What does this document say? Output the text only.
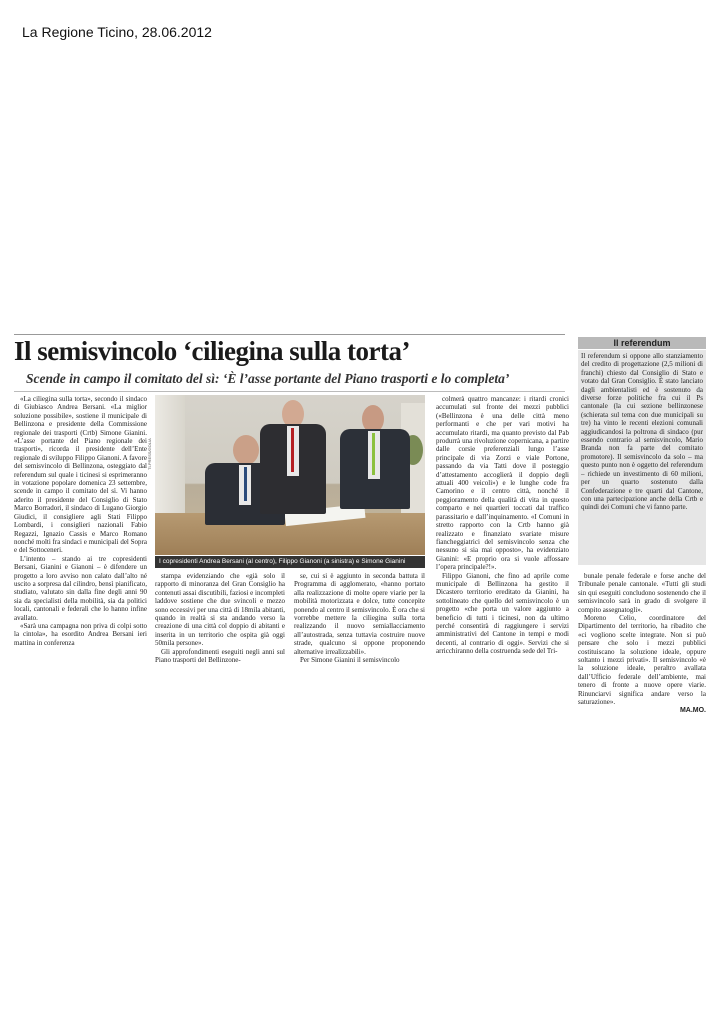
La Regione Ticino, 28.06.2012
Il semisvincolo ‘ciliegina sulla torta’
Scende in campo il comitato del sì: ‘È l’asse portante del Piano trasporti e lo completa’

«La ciliegina sulla torta», secondo il sindaco di Giubiasco Andrea Bersani. «La miglior soluzione possibile», sostiene il municipale di Bellinzona e presidente della Commissione regionale dei trasporti (Crtb) Simone Gianini. «L’asse portante del Piano regionale dei trasporti», ricorda il presidente dell’Ente regionale di sviluppo Filippo Gianoni. A favore del semisvincolo di Bellinzona, osteggiato dal referendum sul quale i ticinesi si esprimeranno in votazione popolare domenica 23 settembre, scende in campo il comitato del sì. Vi hanno aderito il presidente del Consiglio di Stato Marco Borradori, il sindaco di Lugano Giorgio Giudici, il consigliere agli Stati Filippo Lombardi, i consiglieri nazionali Fabio Regazzi, Ignazio Cassis e Marco Romano nonché molti fra sindaci e municipali del Sopra e del Sottoceneri.

L’intento – stando ai tre copresidenti Bersani, Gianini e Gianoni – è difendere un progetto a loro avviso non calato dall’alto né uscito a sorpresa dal cilindro, bensì pianificato, studiato, valutato sin dalla fine degli anni 90 sia da specialisti della mobilità, sia da politici locali, cantonali e federali che lo hanno infine avallato.

«Sarà una campagna non priva di colpi sotto la cintola», ha esordito Andrea Bersani ieri mattina in conferenza

TI-PRESS/GOLIA
I copresidenti Andrea Bersani (al centro), Filippo Gianoni (a sinistra) e Simone Gianini

stampa evidenziando che «già solo il rapporto di minoranza del Gran Consiglio ha contenuti assai discutibili, faziosi e incompleti laddove sostiene che due svincoli e mezzo sono eccessivi per una città di 18mila abitanti, quando in realtà si sta andando verso la creazione di una città col doppio di abitanti e inserita in un territorio che ospita già oggi 50mila persone».

Gli approfondimenti eseguiti negli anni sul Piano trasporti del Bellinzone-

se, cui si è aggiunto in seconda battuta il Programma di agglomerato, «hanno portato alla realizzazione di molte opere viarie per la mobilità motorizzata e dolce, tutte concepite ponendo al centro il semisvincolo. È ora che si vorrebbe mettere la ciliegina sulla torta realizzando il nuovo semiallacciamento all’autostrada, senza tuttavia costruire nuove strade, qualcuno si oppone proponendo alternative irrealizzabili».

Per Simone Gianini il semisvincolo

colmerà quattro mancanze: i ritardi cronici accumulati sul fronte dei mezzi pubblici («Bellinzona è una delle città meno performanti e che per vari motivi ha accumulato ritardi, ma quanto previsto dal Pab produrrà una rivoluzione copernicana, a partire dalle corsie preferenziali lungo l’asse principale di via Zorzi e viale Portone, passando da via Tatti dove il posteggio d’attestamento accoglierà il doppio degli attuali 400 veicoli») e le lunghe code fra Camorino e il centro città, nonché il peggioramento della qualità di vita in questo comparto e nei quartieri toccati dal traffico parassitario e dall’inquinamento. «I Comuni in stretto rapporto con la Crtb hanno già realizzato e finanziato svariate misure fiancheggiatrici del semisvincolo senza che nessuno si sia mai opposto», ha evidenziato Gianini: «E proprio ora si vuole affossare l’opera principale?!».

Filippo Gianoni, che fino ad aprile come municipale di Bellinzona ha gestito il Dicastero territorio ereditato da Gianini, ha sottolineato che quello del semisvincolo è un progetto «che porta un valore aggiunto a beneficio di tutti i ticinesi, non da ultimo perché consentirà di raggiungere i servizi amministrativi del Cantone in tempi e modi decenti, al contrario di oggi». Servizi che si arricchiranno della costruenda sede del Tri-

Il referendum

Il referendum si oppone allo stanziamento del credito di progettazione (2,5 milioni di franchi) chiesto dal Consiglio di Stato e votato dal Gran Consiglio. È stato lanciato dagli ambientalisti ed è sostenuto da diverse forze politiche fra cui il Ps cantonale (la cui sezione bellinzonese (schierata sul tema con due municipali su tre) ha vinto le recenti elezioni comunali aggiudicandosi la poltrona di sindaco (pur essendo contrario al semisvincolo, Mario Branda non fa parte del comitato promotore). Il semisvincolo da solo – ma questo punto non è oggetto del referendum – richiede un investimento di 60 milioni, per un quarto sostenuto dalla Confederazione e tre quarti dal Cantone, con una partecipazione anche della Crtb e quindi dei Comuni che vi fanno parte.

bunale penale federale e forse anche del Tribunale penale cantonale. «Tutti gli studi sin qui eseguiti concludono sostenendo che il semisvincolo sarà in grado di svolgere il compito assegnatogli».

Moreno Celio, coordinatore del Dipartimento del territorio, ha ribadito che «ci vogliono scelte integrate. Non si può pensare che solo i mezzi pubblici costituiscano la soluzione ideale, oppure soltanto i mezzi privati». Il semisvincolo «è la soluzione ideale, peraltro avallata dall’Ufficio federale dell’ambiente, mai tenero di fronte a nuove opere viarie. Rinunciarvi significa andare verso la saturazione».

MA.MO.
